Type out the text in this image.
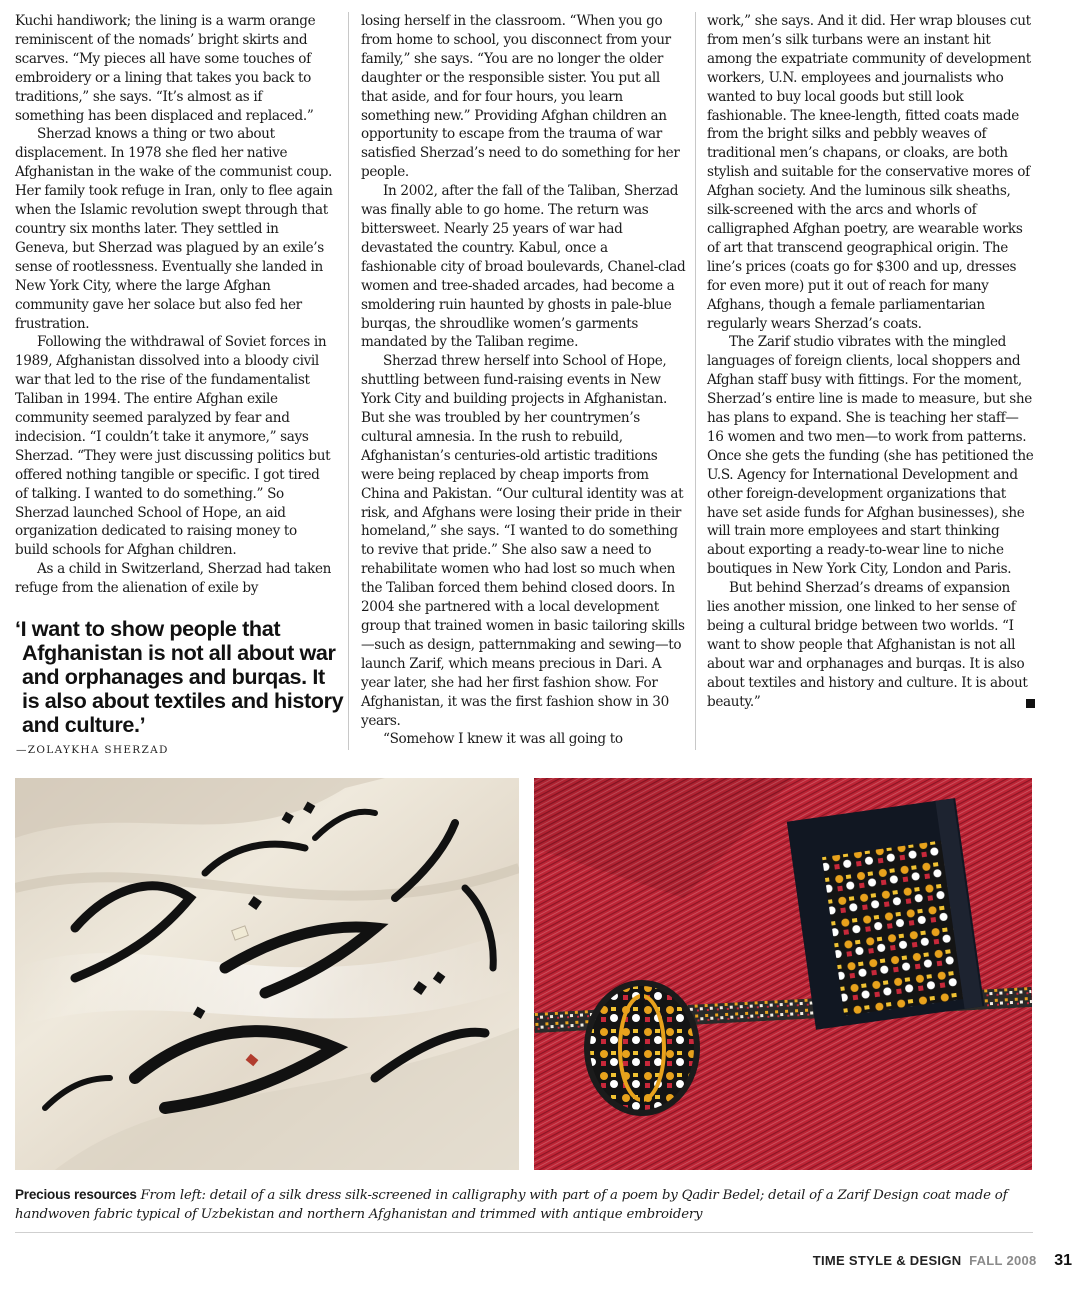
Kuchi handiwork; the lining is a warm orange reminiscent of the nomads’ bright skirts and scarves. “My pieces all have some touches of embroidery or a lining that takes you back to traditions,” she says. “It’s almost as if something has been displaced and replaced.”

Sherzad knows a thing or two about displacement. In 1978 she fled her native Afghanistan in the wake of the communist coup. Her family took refuge in Iran, only to flee again when the Islamic revolution swept through that country six months later. They settled in Geneva, but Sherzad was plagued by an exile’s sense of rootlessness. Eventually she landed in New York City, where the large Afghan community gave her solace but also fed her frustration.

Following the withdrawal of Soviet forces in 1989, Afghanistan dissolved into a bloody civil war that led to the rise of the fundamentalist Taliban in 1994. The entire Afghan exile community seemed paralyzed by fear and indecision. “I couldn’t take it anymore,” says Sherzad. “They were just discussing politics but offered nothing tangible or specific. I got tired of talking. I wanted to do something.” So Sherzad launched School of Hope, an aid organization dedicated to raising money to build schools for Afghan children.

As a child in Switzerland, Sherzad had taken refuge from the alienation of exile by

losing herself in the classroom. “When you go from home to school, you disconnect from your family,” she says. “You are no longer the older daughter or the responsible sister. You put all that aside, and for four hours, you learn something new.” Providing Afghan children an opportunity to escape from the trauma of war satisfied Sherzad’s need to do something for her people.

In 2002, after the fall of the Taliban, Sherzad was finally able to go home. The return was bittersweet. Nearly 25 years of war had devastated the country. Kabul, once a fashionable city of broad boulevards, Chanel-clad women and tree-shaded arcades, had become a smoldering ruin haunted by ghosts in pale-blue burqas, the shroudlike women’s garments mandated by the Taliban regime.

Sherzad threw herself into School of Hope, shuttling between fund-raising events in New York City and building projects in Afghanistan. But she was troubled by her countrymen’s cultural amnesia. In the rush to rebuild, Afghanistan’s centuries-old artistic traditions were being replaced by cheap imports from China and Pakistan. “Our cultural identity was at risk, and Afghans were losing their pride in their homeland,” she says. “I wanted to do something to revive that pride.” She also saw a need to rehabilitate women who had lost so much when the Taliban forced them behind closed doors. In 2004 she partnered with a local development group that trained women in basic tailoring skills—such as design, patternmaking and sewing—to launch Zarif, which means precious in Dari. A year later, she had her first fashion show. For Afghanistan, it was the first fashion show in 30 years.

“Somehow I knew it was all going to

work,” she says. And it did. Her wrap blouses cut from men’s silk turbans were an instant hit among the expatriate community of development workers, U.N. employees and journalists who wanted to buy local goods but still look fashionable. The knee-length, fitted coats made from the bright silks and pebbly weaves of traditional men’s chapans, or cloaks, are both stylish and suitable for the conservative mores of Afghan society. And the luminous silk sheaths, silk-screened with the arcs and whorls of calligraphed Afghan poetry, are wearable works of art that transcend geographical origin. The line’s prices (coats go for $300 and up, dresses for even more) put it out of reach for many Afghans, though a female parliamentarian regularly wears Sherzad’s coats.

The Zarif studio vibrates with the mingled languages of foreign clients, local shoppers and Afghan staff busy with fittings. For the moment, Sherzad’s entire line is made to measure, but she has plans to expand. She is teaching her staff—16 women and two men—to work from patterns. Once she gets the funding (she has petitioned the U.S. Agency for International Development and other foreign-development organizations that have set aside funds for Afghan businesses), she will train more employees and start thinking about exporting a ready-to-wear line to niche boutiques in New York City, London and Paris.

But behind Sherzad’s dreams of expansion lies another mission, one linked to her sense of being a cultural bridge between two worlds. “I want to show people that Afghanistan is not all about war and orphanages and burqas. It is also about textiles and history and culture. It is about beauty.”

‘I want to show people that Afghanistan is not all about war and orphanages and burqas. It is also about textiles and history and culture.’

—ZOLAYKHA SHERZAD
Precious resources From left: detail of a silk dress silk-screened in calligraphy with part of a poem by Qadir Bedel; detail of a Zarif Design coat made of handwoven fabric typical of Uzbekistan and northern Afghanistan and trimmed with antique embroidery
TIME STYLE & DESIGN FALL 2008 31
